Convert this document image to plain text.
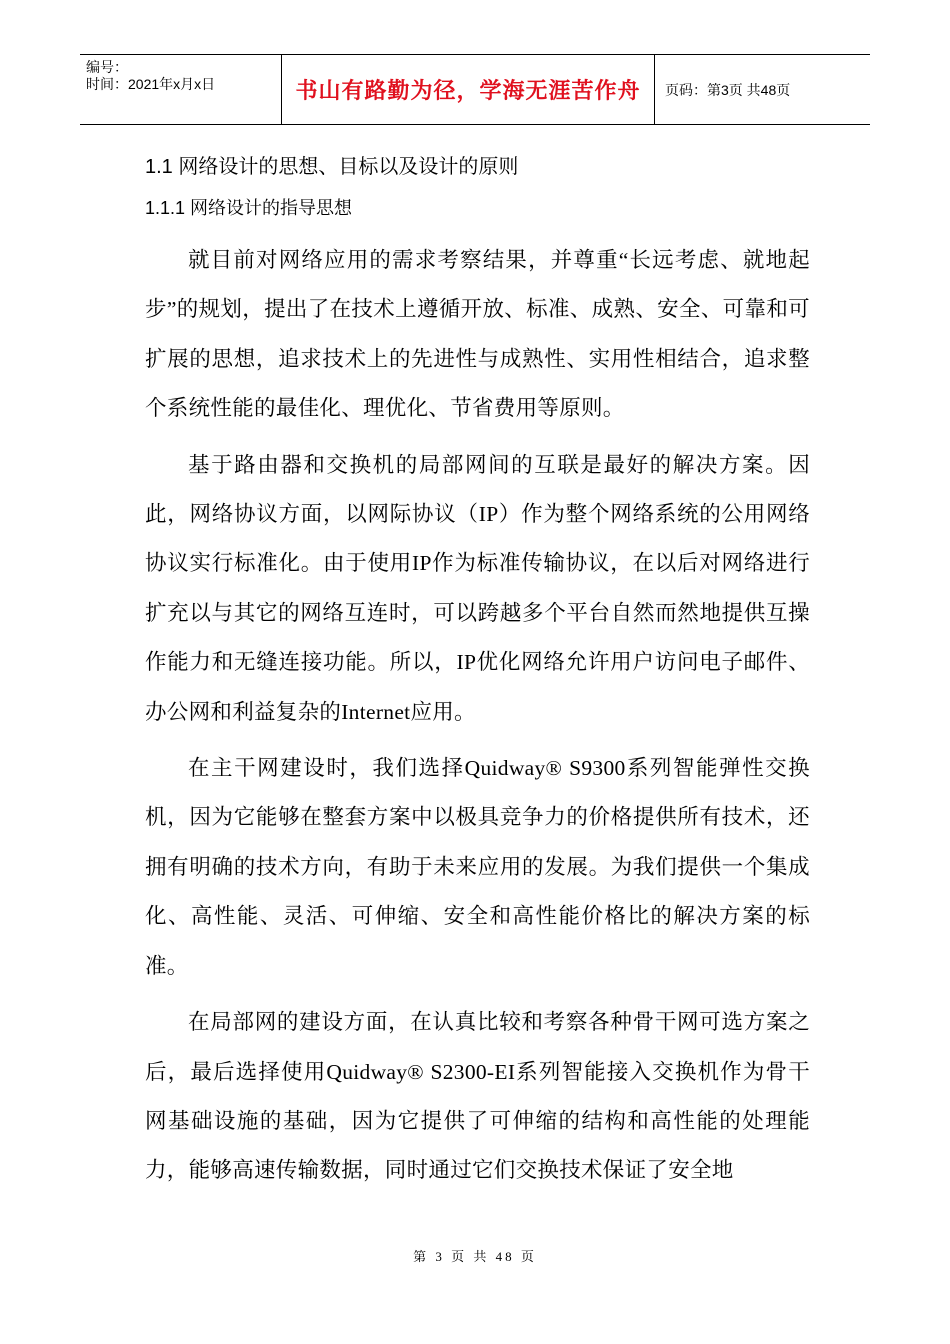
编号：
时间：2021年x月x日	书山有路勤为径，学海无涯苦作舟	页码：第3页 共48页
1.1 网络设计的思想、目标以及设计的原则
1.1.1 网络设计的指导思想

就目前对网络应用的需求考察结果，并尊重“长远考虑、就地起步”的规划，提出了在技术上遵循开放、标准、成熟、安全、可靠和可扩展的思想，追求技术上的先进性与成熟性、实用性相结合，追求整个系统性能的最佳化、理优化、节省费用等原则。

基于路由器和交换机的局部网间的互联是最好的解决方案。因此，网络协议方面，以网际协议（IP）作为整个网络系统的公用网络协议实行标准化。由于使用IP作为标准传输协议，在以后对网络进行扩充以与其它的网络互连时，可以跨越多个平台自然而然地提供互操作能力和无缝连接功能。所以，IP优化网络允许用户访问电子邮件、办公网和利益复杂的Internet应用。

在主干网建设时，我们选择Quidway® S9300系列智能弹性交换机，因为它能够在整套方案中以极具竞争力的价格提供所有技术，还拥有明确的技术方向，有助于未来应用的发展。为我们提供一个集成化、高性能、灵活、可伸缩、安全和高性能价格比的解决方案的标准。

在局部网的建设方面，在认真比较和考察各种骨干网可选方案之后，最后选择使用Quidway® S2300-EI系列智能接入交换机作为骨干网基础设施的基础，因为它提供了可伸缩的结构和高性能的处理能力，能够高速传输数据，同时通过它们交换技术保证了安全地

第 3 页 共 48 页
